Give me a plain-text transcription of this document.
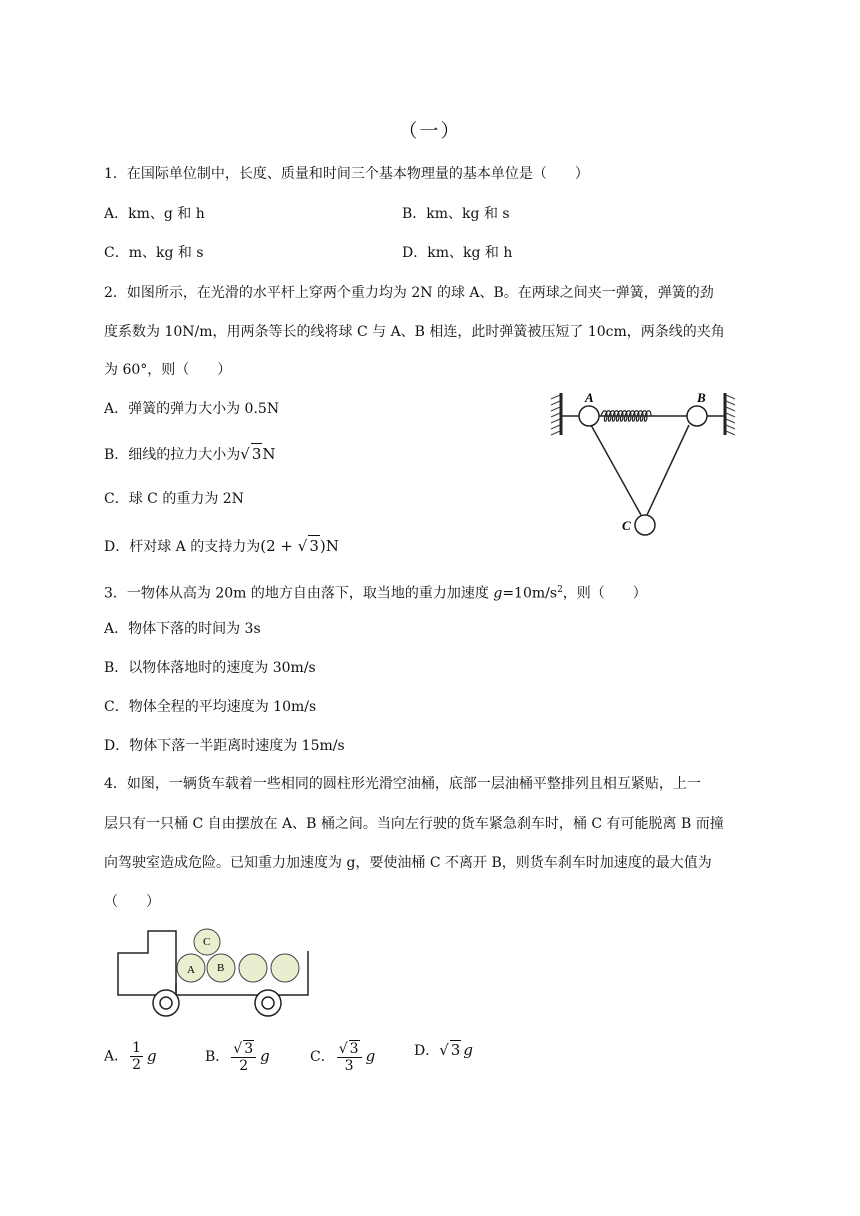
（一）
1．在国际单位制中，长度、质量和时间三个基本物理量的基本单位是（　　）
A．km、g 和 h	B．km、kg 和 s
C．m、kg 和 s	D．km、kg 和 h
2．如图所示，在光滑的水平杆上穿两个重力均为 2N 的球 A、B。在两球之间夹一弹簧，弹簧的劲
度系数为 10N/m，用两条等长的线将球 C 与 A、B 相连，此时弹簧被压短了 10cm，两条线的夹角
为 60°，则（　　）
A．弹簧的弹力大小为 0.5N
B．细线的拉力大小为√ 3N
C．球 C 的重力为 2N
D．杆对球 A 的支持力为(2 + √ 3)N
A	B
C
3．一物体从高为 20m 的地方自由落下，取当地的重力加速度 $g=10m/s^2$，则（　　）
A．物体下落的时间为 3s
B．以物体落地时的速度为 30m/s
C．物体全程的平均速度为 10m/s
D．物体下落一半距离时速度为 15m/s
4．如图，一辆货车载着一些相同的圆柱形光滑空油桶，底部一层油桶平整排列且相互紧贴，上一
层只有一只桶 C 自由摆放在 A、B 桶之间。当向左行驶的货车紧急刹车时，桶 C 有可能脱离 B 而撞
向驾驶室造成危险。已知重力加速度为 g，要使油桶 C 不离开 B，则货车刹车时加速度的最大值为
（　　）
A B
C
A． $\frac{1}{2}$ g	B． $\frac{√ 3}{2}$ g	C． $\frac{√ 3}{3}$ g	D．√ 3 g
